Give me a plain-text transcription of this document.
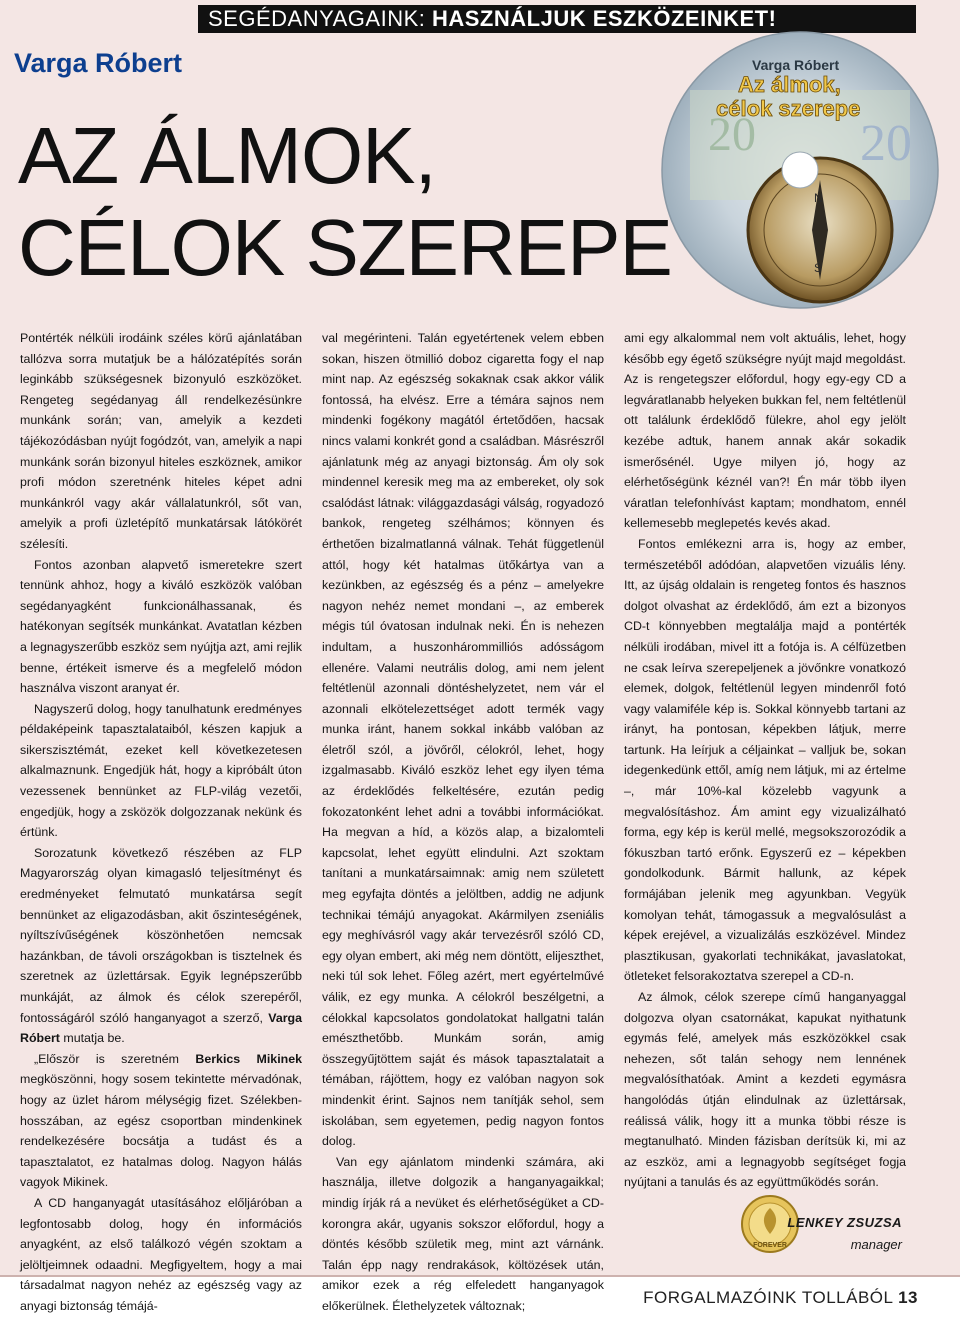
SEGÉDANYAGAINK: HASZNÁLJUK ESZKÖZEINKET!
Varga Róbert
AZ ÁLMOK,
CÉLOK SZEREPE
20 20
N
S
Varga Róbert
Az álmok,
célok szerepe

Pontérték nélküli irodáink széles körű ajánlatában tallózva sorra mutatjuk be a hálózatépítés során leginkább szükségesnek bizonyuló eszközöket. Rengeteg segédanyag áll rendelkezésünkre munkánk során; van, amelyik a kezdeti tájékozódásban nyújt fogódzót, van, amelyik a napi munkánk során bizonyul hiteles eszköznek, amikor profi módon szeretnénk hiteles képet adni munkánkról vagy akár vállalatunkról, sőt van, amelyik a profi üzletépítő munkatársak látókörét szélesíti.

Fontos azonban alapvető ismeretekre szert tennünk ahhoz, hogy a kiváló eszközök valóban segédanyagként funkcionálhassanak, és hatékonyan segítsék munkánkat. Avatatlan kézben a legnagyszerűbb eszköz sem nyújtja azt, ami rejlik benne, értékeit ismerve és a megfelelő módon használva viszont aranyat ér.

Nagyszerű dolog, hogy tanulhatunk eredményes példaképeink tapasztalataiból, készen kapjuk a sikerszisztémát, ezeket kell következetesen alkalmaznunk. Engedjük hát, hogy a kipróbált úton vezessenek bennünket az FLP-világ vezetői, engedjük, hogy a zsközök dolgozzanak nekünk és értünk.

Sorozatunk következő részében az FLP Magyarország olyan kimagasló teljesítményt és eredményeket felmutató munkatársa segít bennünket az eligazodásban, akit őszinteségének, nyíltszívűségének köszönhetően nemcsak hazánkban, de távoli országokban is tisztelnek és szeretnek az üzlettársak. Egyik legnépszerűbb munkáját, az álmok és célok szerepéről, fontosságáról szóló hanganyagot a szerző, Varga Róbert mutatja be.

„Először is szeretném Berkics Mikinek megköszönni, hogy sosem tekintette mérvadónak, hogy az üzlet három mélységig fizet. Szélekben-hosszában, az egész csoportban mindenkinek rendelkezésére bocsátja a tudást és a tapasztalatot, ez hatalmas dolog. Nagyon hálás vagyok Mikinek.

A CD hanganyagát utasításához előljáróban a legfontosabb dolog, hogy én információs anyagként, az első találkozó végén szoktam a jelöltjeimnek odaadni. Megfigyeltem, hogy a mai társadalmat nagyon nehéz az egészség vagy az anyagi biztonság témájá-

val megérinteni. Talán egyetértenek velem ebben sokan, hiszen ötmillió doboz cigaretta fogy el nap mint nap. Az egészség sokaknak csak akkor válik fontossá, ha elvész. Erre a témára sajnos nem mindenki fogékony magától értetődően, hacsak nincs valami konkrét gond a családban. Másrészről ajánlatunk még az anyagi biztonság. Ám oly sok mindennel keresik meg ma az embereket, oly sok csalódást látnak: világgazdasági válság, rogyadozó bankok, rengeteg szélhámos; könnyen és érthetően bizalmatlanná válnak. Tehát függetlenül attól, hogy két hatalmas ütőkártya van a kezünkben, az egészség és a pénz – amelyekre nagyon nehéz nemet mondani –, az emberek mégis túl óvatosan indulnak neki. Én is nehezen indultam, a huszonhárommilliós adósságom ellenére. Valami neutrális dolog, ami nem jelent feltétlenül azonnali döntéshelyzetet, nem vár el azonnali elkötelezettséget adott termék vagy munka iránt, hanem sokkal inkább valóban az életről szól, a jövőről, célokról, lehet, hogy izgalmasabb. Kiváló eszköz lehet egy ilyen téma az érdeklődés felkeltésére, ezután pedig fokozatonként lehet adni a további információkat. Ha megvan a híd, a közös alap, a bizalomteli kapcsolat, lehet együtt elindulni. Azt szoktam tanítani a munkatársaimnak: amig nem született meg egyfajta döntés a jelöltben, addig ne adjunk technikai témájú anyagokat. Akármilyen zseniális egy meghívásról vagy akár tervezésről szóló CD, egy olyan embert, aki még nem döntött, elijeszthet, neki túl sok lehet. Főleg azért, mert egyértelművé válik, ez egy munka. A célokról beszélgetni, a célokkal kapcsolatos gondolatokat hallgatni talán emészthetőbb. Munkám során, amig összegyűjtöttem saját és mások tapasztalatait a témában, rájöttem, hogy ez valóban nagyon sok mindenkit érint. Sajnos nem tanítják sehol, sem iskolában, sem egyetemen, pedig nagyon fontos dolog.

Van egy ajánlatom mindenki számára, aki használja, illetve dolgozik a hanganyagaikkal; mindig írják rá a nevüket és elérhetőségüket a CD-korongra akár, ugyanis sokszor előfordul, hogy a döntés később születik meg, mint azt várnánk. Talán épp nagy rendrakások, költözések után, amikor ezek a rég elfeledett hanganyagok előkerülnek. Élethelyzetek változnak;

ami egy alkalommal nem volt aktuális, lehet, hogy később egy égető szükségre nyújt majd megoldást. Az is rengetegszer előfordul, hogy egy-egy CD a legváratlanabb helyeken bukkan fel, nem feltétlenül ott találunk érdeklődő fülekre, ahol egy jelölt kezébe adtuk, hanem annak akár sokadik ismerősénél. Ugye milyen jó, hogy az elérhetőségünk kéznél van?! Én már több ilyen váratlan telefonhívást kaptam; mondhatom, ennél kellemesebb meglepetés kevés akad.

Fontos emlékezni arra is, hogy az ember, természetéből adódóan, alapvetően vizuális lény. Itt, az újság oldalain is rengeteg fontos és hasznos dolgot olvashat az érdeklődő, ám ezt a bizonyos CD-t könnyebben megtalálja majd a pontérték nélküli irodában, mivel itt a fotója is. A célfüzetben ne csak leírva szerepeljenek a jövőnkre vonatkozó elemek, dolgok, feltétlenül legyen mindenről fotó vagy valamiféle kép is. Sokkal könnyebb tartani az irányt, ha pontosan, képekben látjuk, merre tartunk. Ha leírjuk a céljainkat – valljuk be, sokan idegenkedünk ettől, amíg nem látjuk, mi az értelme –, már 10%-kal közelebb vagyunk a megvalósításhoz. Ám amint egy vizualizálható forma, egy kép is kerül mellé, megsokszorozódik a fókuszban tartó erőnk. Egyszerű ez – képekben gondolkodunk. Bármit hallunk, az képek formájában jelenik meg agyunkban. Vegyük komolyan tehát, támogassuk a megvalósulást a képek erejével, a vizualizálás eszközével. Mindez plasztikusan, gyakorlati technikákat, javaslatokat, ötleteket felsorakoztatva szerepel a CD-n.

Az álmok, célok szerepe című hanganyaggal dolgozva olyan csatornákat, kapukat nyithatunk egymás felé, amelyek más eszközökkel csak nehezen, sőt talán sehogy nem lennének megvalósíthatóak. Amint a kezdeti egymásra hangolódás útján elindulnak az üzlettársak, reálissá válik, hogy itt a munka többi része is megtanulható. Minden fázisban derítsük ki, mi az az eszköz, ami a legnagyobb segítséget fogja nyújtani a tanulás és az együttműködés során.

FOREVER
LENKEY ZSUZSA
manager
FORGALMAZÓINK TOLLÁBÓL 13
